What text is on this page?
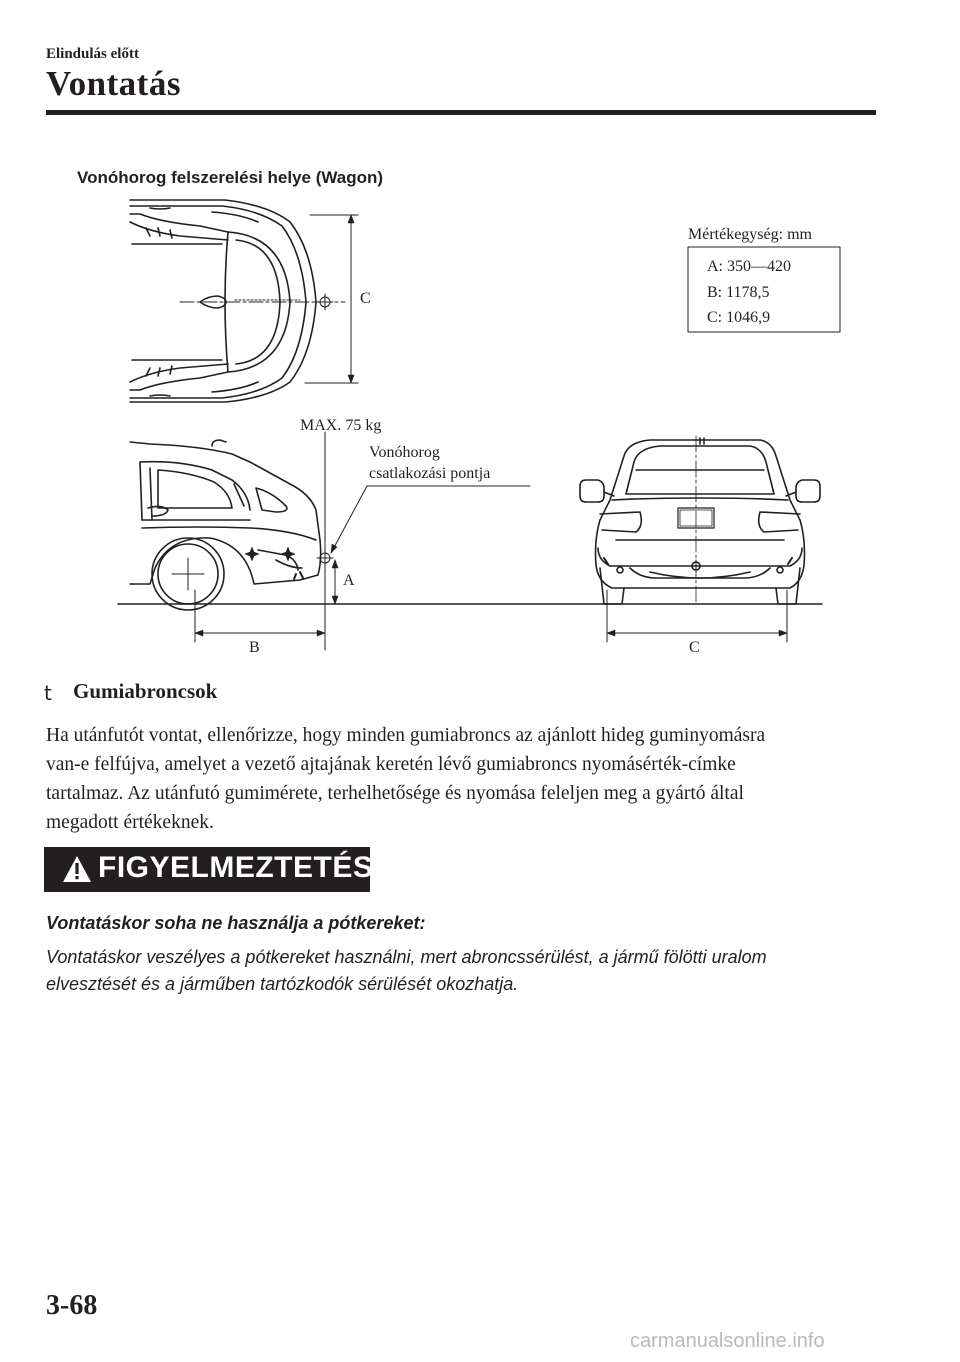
Elindulás előtt
Vontatás
Vonóhorog felszerelési helye (Wagon)
C
Mértékegység: mm
A: 350—420
B: 1178,5
C: 1046,9
MAX. 75 kg
Vonóhorog
csatlakozási pontja
A
B	C
t Gumiabroncsok
Ha utánfutót vontat, ellenőrizze, hogy minden gumiabroncs az ajánlott hideg guminyomásra
van-e felfújva, amelyet a vezető ajtajának keretén lévő gumiabroncs nyomásérték-címke
tartalmaz. Az utánfutó gumimérete, terhelhetősége és nyomása feleljen meg a gyártó által
megadott értékeknek.
FIGYELMEZTETÉS
Vontatáskor soha ne használja a pótkereket:
Vontatáskor veszélyes a pótkereket használni, mert abroncssérülést, a jármű fölötti uralom
elvesztését és a járműben tartózkodók sérülését okozhatja.
3-68
carmanualsonline.info
